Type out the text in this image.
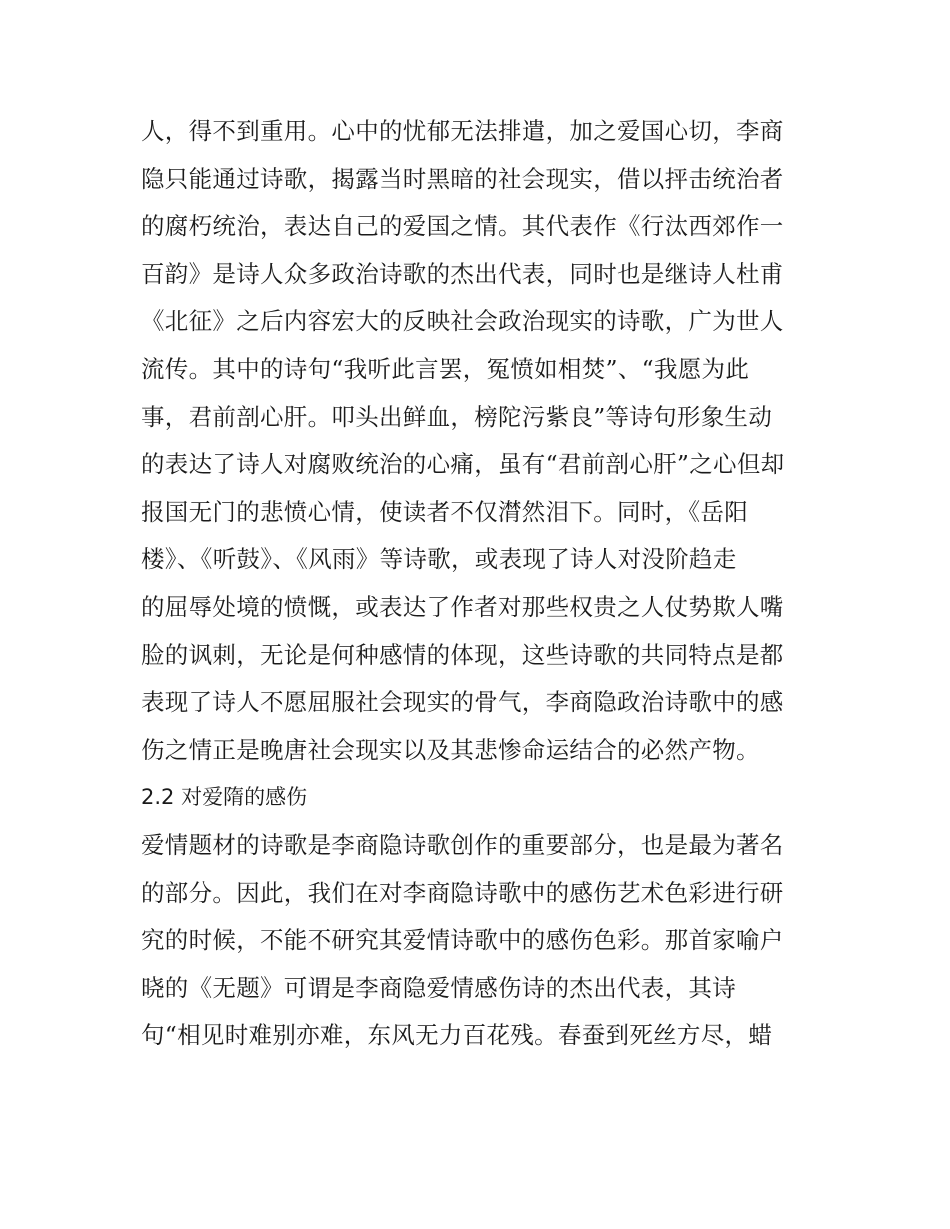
人，得不到重用。心中的忧郁无法排遣，加之爱国心切，李商
隐只能通过诗歌，揭露当时黑暗的社会现实，借以抨击统治者
的腐朽统治，表达自己的爱国之情。其代表作《行汰西郊作一
百韵》是诗人众多政治诗歌的杰出代表，同时也是继诗人杜甫
《北征》之后内容宏大的反映社会政治现实的诗歌，广为世人
流传。其中的诗句“我听此言罢，冤愤如相焚”、“我愿为此
事，君前剖心肝。叩头出鲜血，榜陀污紫良”等诗句形象生动
的表达了诗人对腐败统治的心痛，虽有“君前剖心肝”之心但却
报国无门的悲愤心情，使读者不仅潸然泪下。同时，《岳阳
楼》、《听鼓》、《风雨》等诗歌，或表现了诗人对没阶趋走
的屈辱处境的愤慨，或表达了作者对那些权贵之人仗势欺人嘴
脸的讽刺，无论是何种感情的体现，这些诗歌的共同特点是都
表现了诗人不愿屈服社会现实的骨气，李商隐政治诗歌中的感
伤之情正是晚唐社会现实以及其悲惨命运结合的必然产物。
2.2 对爱隋的感伤
爱情题材的诗歌是李商隐诗歌创作的重要部分，也是最为著名
的部分。因此，我们在对李商隐诗歌中的感伤艺术色彩进行研
究的时候，不能不研究其爱情诗歌中的感伤色彩。那首家喻户
晓的《无题》可谓是李商隐爱情感伤诗的杰出代表，其诗
句“相见时难别亦难，东风无力百花残。春蚕到死丝方尽，蜡
